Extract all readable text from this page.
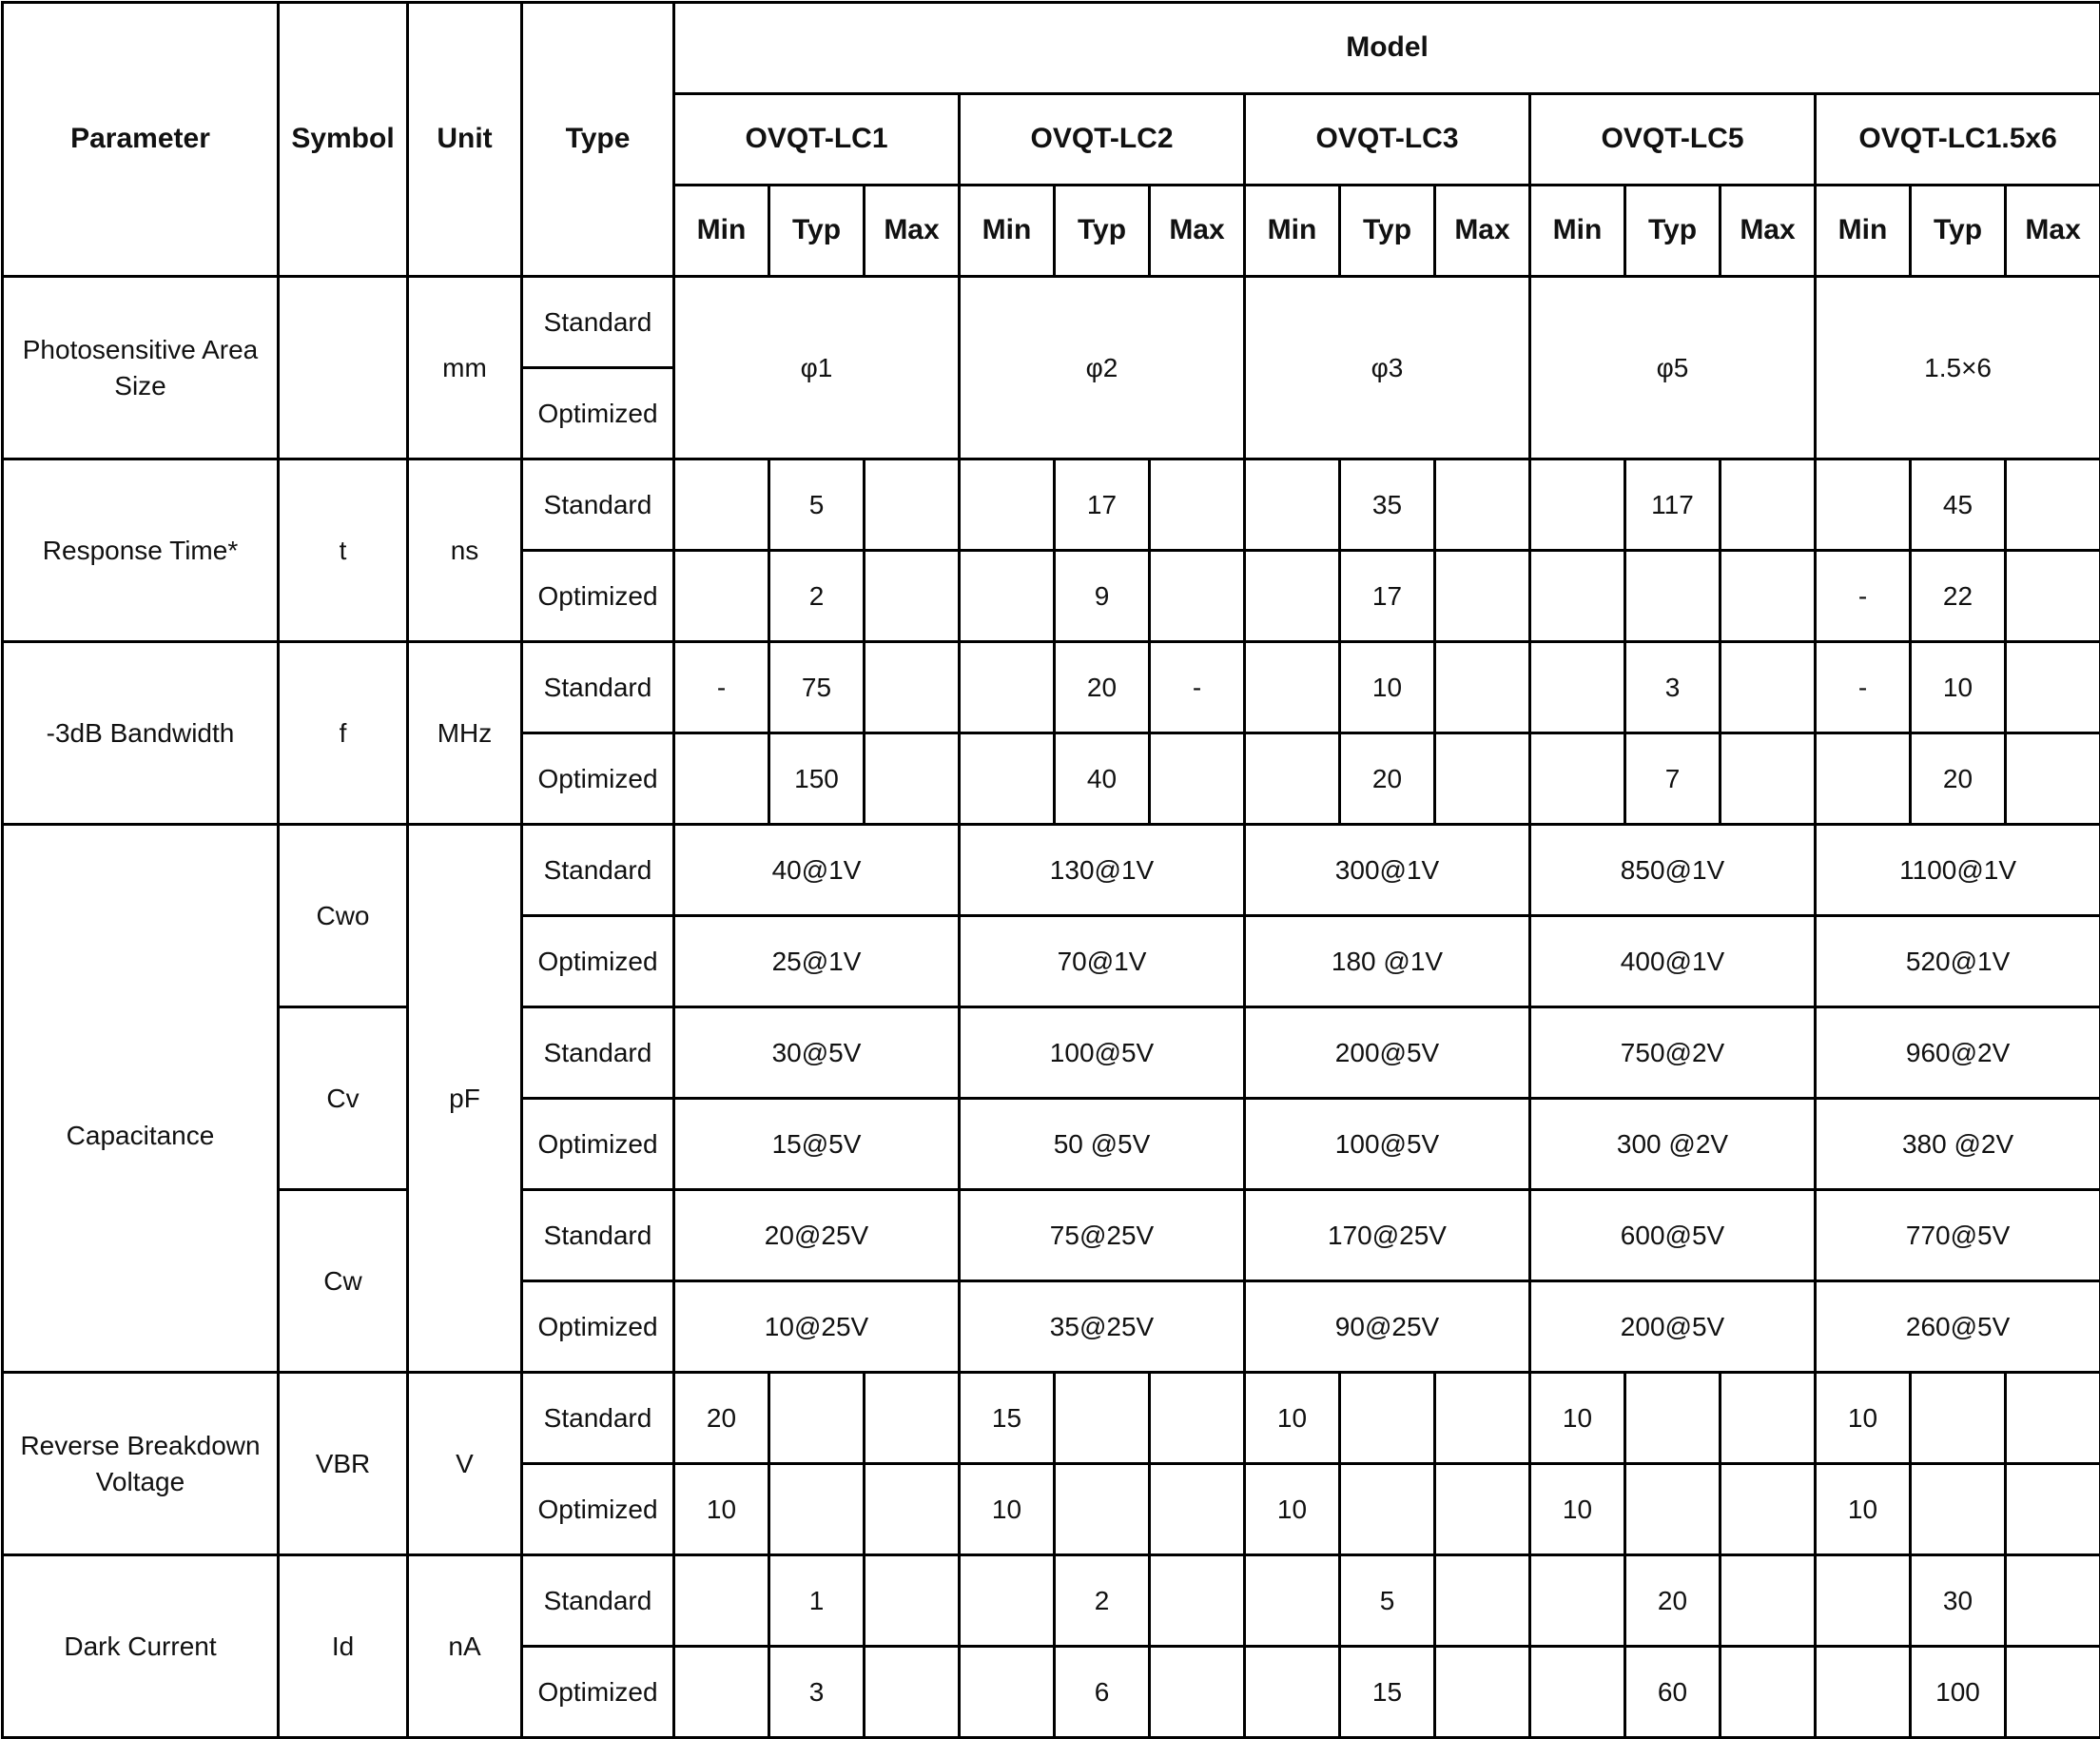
Parameter	Symbol	Unit	Type	Model														
				OVQT-LC1			OVQT-LC2			OVQT-LC3			OVQT-LC5			OVQT-LC1.5x6		
				Min	Typ	Max	Min	Typ	Max	Min	Typ	Max	Min	Typ	Max	Min	Typ	Max
Photosensitive Area Size		mm	Standard	φ1			φ2			φ3			φ5			1.5×6		
			Optimized															
Response Time*	t	ns	Standard		5			17			35			117			45	
			Optimized		2			9			17					-	22	
-3dB Bandwidth	f	MHz	Standard	-	75			20	-		10			3		-	10	
			Optimized		150			40			20			7			20	
Capacitance	Cwo	pF	Standard	40@1V			130@1V			300@1V			850@1V			1100@1V		
			Optimized	25@1V			70@1V			180 @1V			400@1V			520@1V		
	Cv		Standard	30@5V			100@5V			200@5V			750@2V			960@2V		
			Optimized	15@5V			50 @5V			100@5V			300 @2V			380 @2V		
	Cw		Standard	20@25V			75@25V			170@25V			600@5V			770@5V		
			Optimized	10@25V			35@25V			90@25V			200@5V			260@5V		
Reverse Breakdown Voltage	VBR	V	Standard	20			15			10			10			10		
			Optimized	10			10			10			10			10		
Dark Current	Id	nA	Standard		1			2			5			20			30	
			Optimized		3			6			15			60			100	
